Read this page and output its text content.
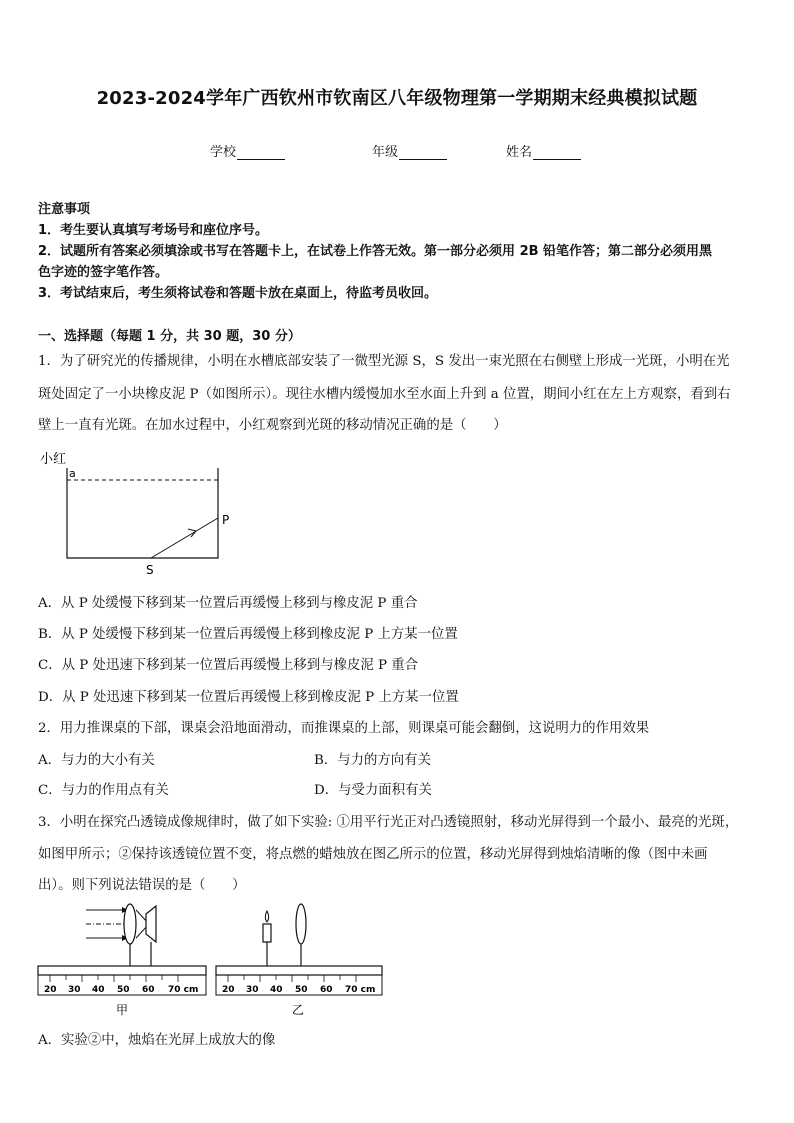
2023-2024学年广西钦州市钦南区八年级物理第一学期期末经典模拟试题
学校	年级	姓名
注意事项
1．考生要认真填写考场号和座位序号。
2．试题所有答案必须填涂或书写在答题卡上，在试卷上作答无效。第一部分必须用 2B 铅笔作答；第二部分必须用黑
色字迹的签字笔作答。
3．考试结束后，考生须将试卷和答题卡放在桌面上，待监考员收回。
一、选择题（每题 1 分，共 30 题，30 分）
1．为了研究光的传播规律，小明在水槽底部安装了一微型光源 S，S 发出一束光照在右侧壁上形成一光斑，小明在光
斑处固定了一小块橡皮泥 P（如图所示）。现往水槽内缓慢加水至水面上升到 a 位置，期间小红在左上方观察，看到右
壁上一直有光斑。在加水过程中，小红观察到光斑的移动情况正确的是（　　）
小红
a
P
S
A．从 P 处缓慢下移到某一位置后再缓慢上移到与橡皮泥 P 重合
B．从 P 处缓慢下移到某一位置后再缓慢上移到橡皮泥 P 上方某一位置
C．从 P 处迅速下移到某一位置后再缓慢上移到与橡皮泥 P 重合
D．从 P 处迅速下移到某一位置后再缓慢上移到橡皮泥 P 上方某一位置
2．用力推课桌的下部，课桌会沿地面滑动，而推课桌的上部，则课桌可能会翻倒，这说明力的作用效果
A．与力的大小有关	B．与力的方向有关
C．与力的作用点有关	D．与受力面积有关
3．小明在探究凸透镜成像规律时，做了如下实验: ①用平行光正对凸透镜照射，移动光屏得到一个最小、最亮的光斑，
如图甲所示；②保持该透镜位置不变，将点燃的蜡烛放在图乙所示的位置，移动光屏得到烛焰清晰的像（图中未画
出）。则下列说法错误的是（　　）
20 30 40 50 60 70 cm
甲
20 30 40 50 60 70 cm
乙
A．实验②中，烛焰在光屏上成放大的像
